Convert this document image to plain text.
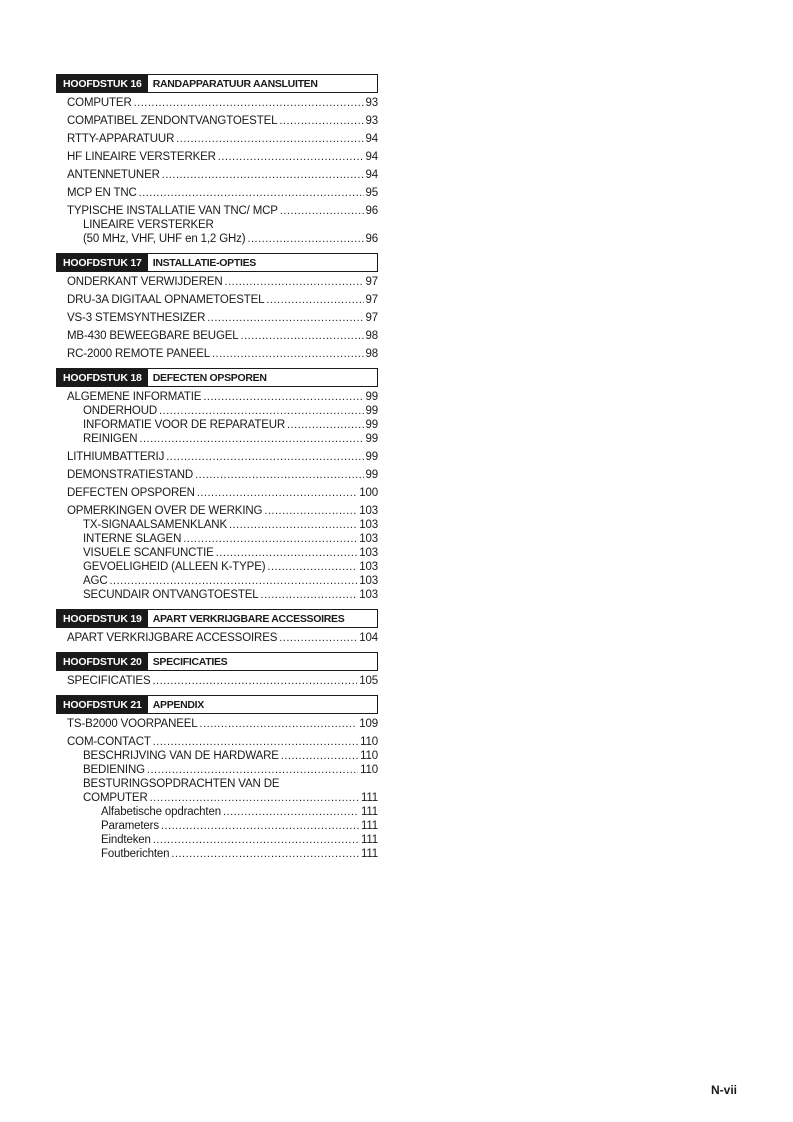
HOOFDSTUK 16	RANDAPPARATUUR AANSLUITEN
COMPUTER .....	93
COMPATIBEL ZENDONTVANGTOESTEL .....	93
RTTY-APPARATUUR .....	94
HF LINEAIRE VERSTERKER .....	94
ANTENNETUNER .....	94
MCP EN TNC .....	95
TYPISCHE INSTALLATIE VAN TNC/ MCP .....	96
LINEAIRE VERSTERKER
(50 MHz, VHF, UHF en 1,2 GHz) .....	96
HOOFDSTUK 17	INSTALLATIE-OPTIES
ONDERKANT VERWIJDEREN .....	97
DRU-3A DIGITAAL OPNAMETOESTEL .....	97
VS-3 STEMSYNTHESIZER .....	97
MB-430 BEWEEGBARE BEUGEL .....	98
RC-2000 REMOTE PANEEL .....	98
HOOFDSTUK 18	DEFECTEN OPSPOREN
ALGEMENE INFORMATIE .....	99
ONDERHOUD .....	99
INFORMATIE VOOR DE REPARATEUR .....	99
REINIGEN .....	99
LITHIUMBATTERIJ .....	99
DEMONSTRATIESTAND .....	99
DEFECTEN OPSPOREN .....	100
OPMERKINGEN OVER DE WERKING .....	103
TX-SIGNAALSAMENKLANK .....	103
INTERNE SLAGEN .....	103
VISUELE SCANFUNCTIE .....	103
GEVOELIGHEID (ALLEEN K-TYPE) .....	103
AGC .....	103
SECUNDAIR ONTVANGTOESTEL .....	103
HOOFDSTUK 19	APART VERKRIJGBARE ACCESSOIRES
APART VERKRIJGBARE ACCESSOIRES .....	104
HOOFDSTUK 20	SPECIFICATIES
SPECIFICATIES .....	105
HOOFDSTUK 21	APPENDIX
TS-B2000 VOORPANEEL .....	109
COM-CONTACT .....	110
BESCHRIJVING VAN DE HARDWARE .....	110
BEDIENING .....	110
BESTURINGSOPDRACHTEN VAN DE
COMPUTER .....	111
Alfabetische opdrachten .....	111
Parameters .....	111
Eindteken .....	111
Foutberichten .....	111
N-vii
